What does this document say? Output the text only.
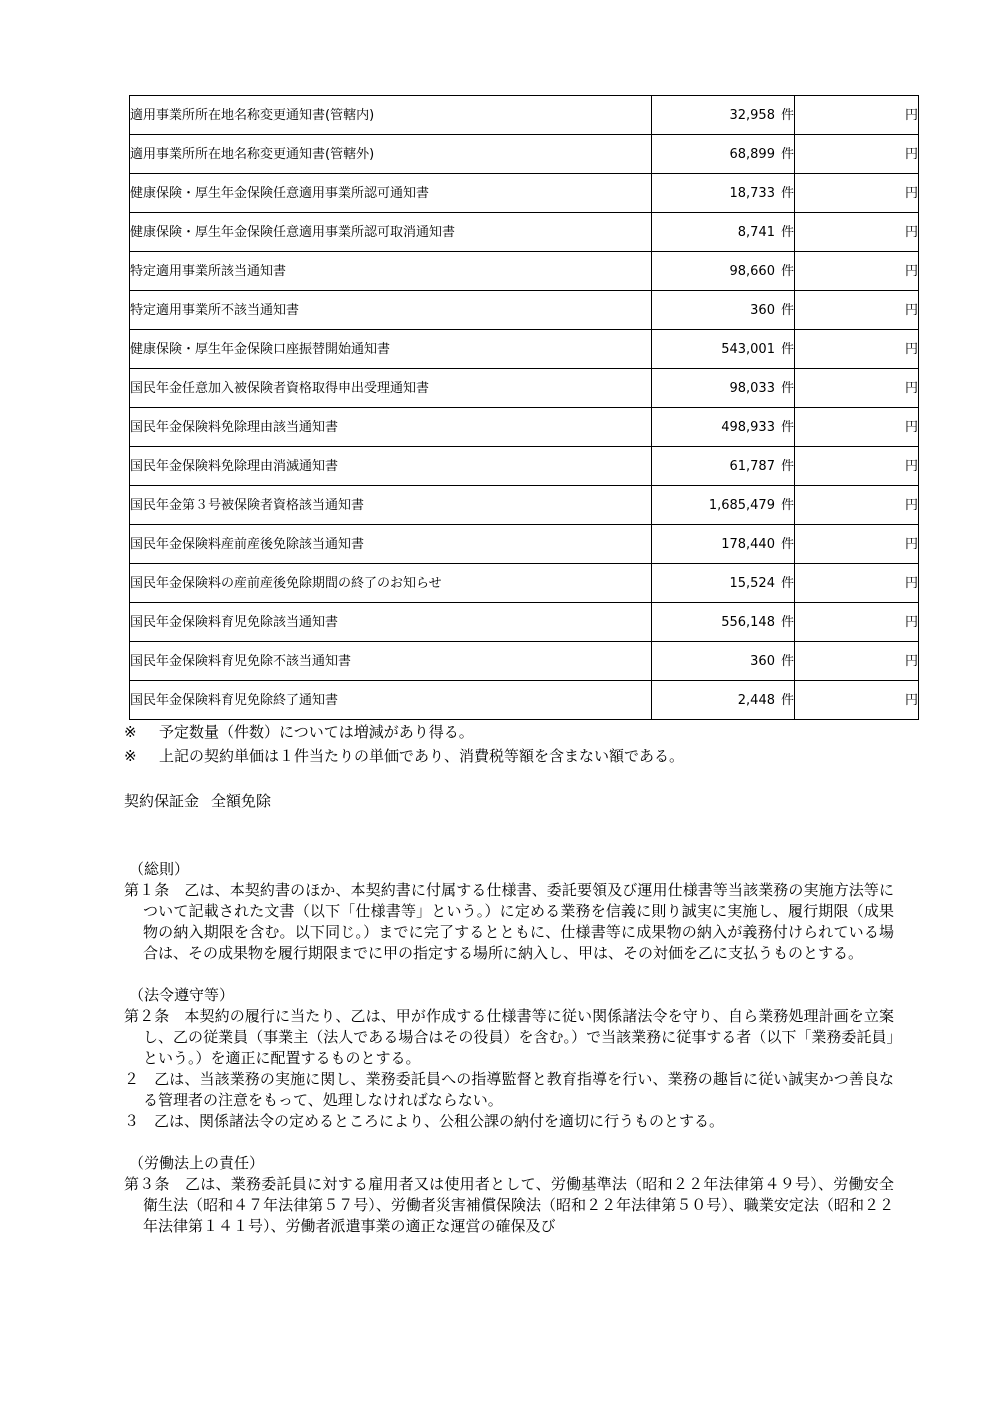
適用事業所所在地名称変更通知書(管轄内)	32,958 件	円
適用事業所所在地名称変更通知書(管轄外)	68,899 件	円
健康保険・厚生年金保険任意適用事業所認可通知書	18,733 件	円
健康保険・厚生年金保険任意適用事業所認可取消通知書	8,741 件	円
特定適用事業所該当通知書	98,660 件	円
特定適用事業所不該当通知書	360 件	円
健康保険・厚生年金保険口座振替開始通知書	543,001 件	円
国民年金任意加入被保険者資格取得申出受理通知書	98,033 件	円
国民年金保険料免除理由該当通知書	498,933 件	円
国民年金保険料免除理由消滅通知書	61,787 件	円
国民年金第３号被保険者資格該当通知書	1,685,479 件	円
国民年金保険料産前産後免除該当通知書	178,440 件	円
国民年金保険料の産前産後免除期間の終了のお知らせ	15,524 件	円
国民年金保険料育児免除該当通知書	556,148 件	円
国民年金保険料育児免除不該当通知書	360 件	円
国民年金保険料育児免除終了通知書	2,448 件	円
※ 予定数量（件数）については増減があり得る。
※ 上記の契約単価は１件当たりの単価であり、消費税等額を含まない額である。
契約保証金 全額免除

（総則）

第１条　乙は、本契約書のほか、本契約書に付属する仕様書、委託要領及び運用仕様書等当該業務の実施方法等について記載された文書（以下「仕様書等」という。）に定める業務を信義に則り誠実に実施し、履行期限（成果物の納入期限を含む。以下同じ。）までに完了するとともに、仕様書等に成果物の納入が義務付けられている場合は、その成果物を履行期限までに甲の指定する場所に納入し、甲は、その対価を乙に支払うものとする。

（法令遵守等）

第２条　本契約の履行に当たり、乙は、甲が作成する仕様書等に従い関係諸法令を守り、自ら業務処理計画を立案し、乙の従業員（事業主（法人である場合はその役員）を含む。）で当該業務に従事する者（以下「業務委託員」という。）を適正に配置するものとする。

２　乙は、当該業務の実施に関し、業務委託員への指導監督と教育指導を行い、業務の趣旨に従い誠実かつ善良なる管理者の注意をもって、処理しなければならない。

３　乙は、関係諸法令の定めるところにより、公租公課の納付を適切に行うものとする。

（労働法上の責任）

第３条　乙は、業務委託員に対する雇用者又は使用者として、労働基準法（昭和２２年法律第４９号）、労働安全衛生法（昭和４７年法律第５７号）、労働者災害補償保険法（昭和２２年法律第５０号）、職業安定法（昭和２２年法律第１４１号）、労働者派遣事業の適正な運営の確保及び
